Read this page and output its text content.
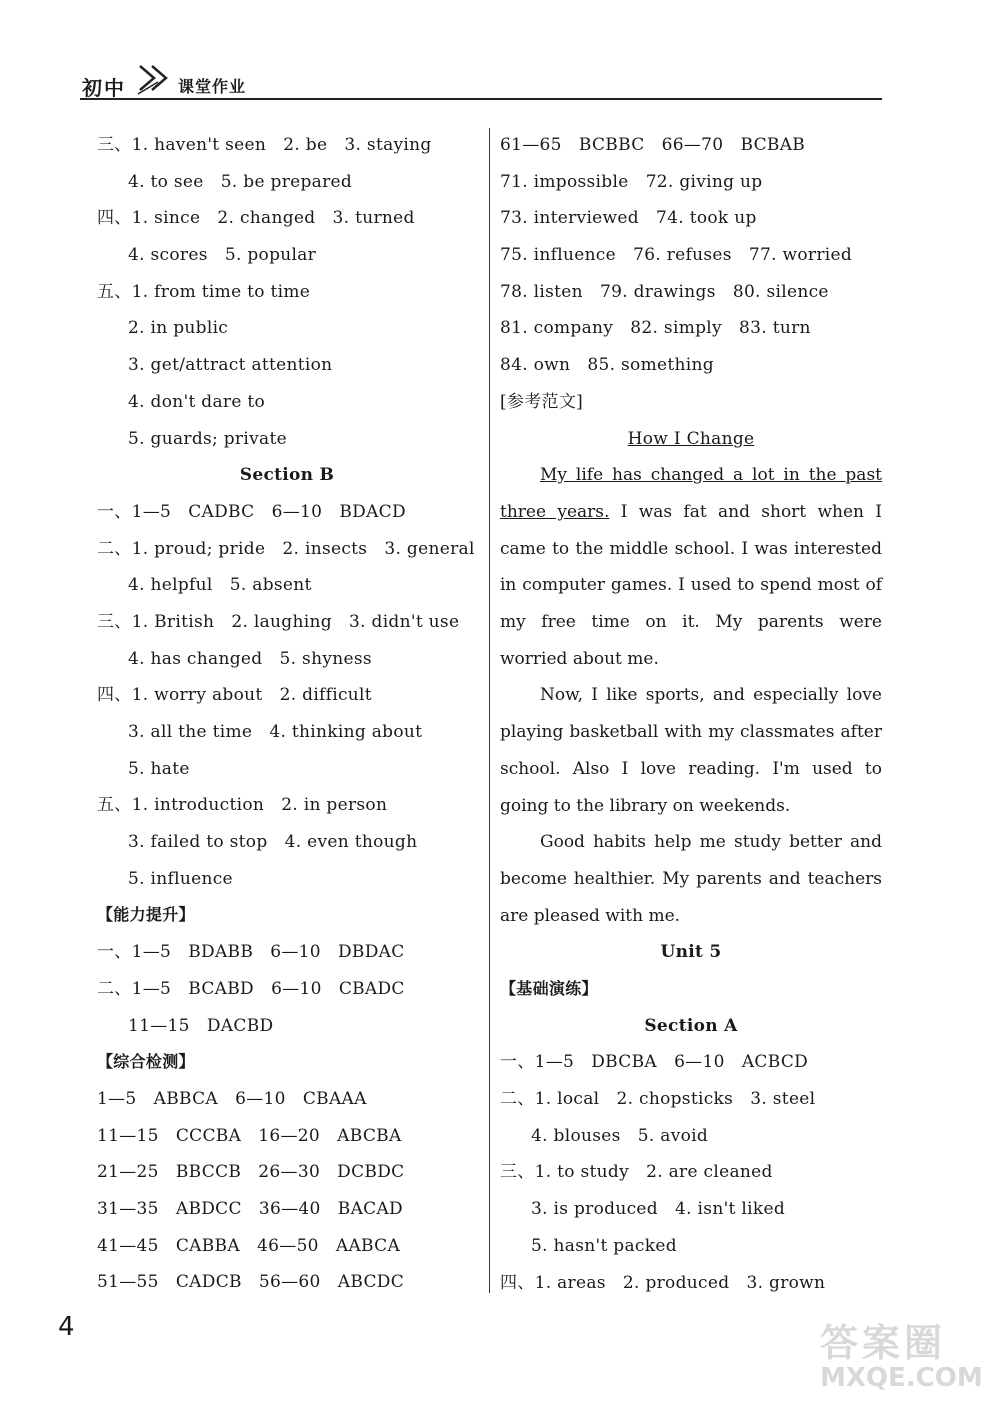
初中	课堂作业
三、1. haven't seen   2. be   3. staying
4. to see   5. be prepared
四、1. since   2. changed   3. turned
4. scores   5. popular
五、1. from time to time
2. in public
3. get/attract attention
4. don't dare to
5. guards; private
Section B
一、1—5   CADBC   6—10   BDACD
二、1. proud; pride   2. insects   3. general
4. helpful   5. absent
三、1. British   2. laughing   3. didn't use
4. has changed   5. shyness
四、1. worry about   2. difficult
3. all the time   4. thinking about
5. hate
五、1. introduction   2. in person
3. failed to stop   4. even though
5. influence
【能力提升】
一、1—5   BDABB   6—10   DBDAC
二、1—5   BCABD   6—10   CBADC
11—15   DACBD
【综合检测】
1—5   ABBCA   6—10   CBAAA
11—15   CCCBA   16—20   ABCBA
21—25   BBCCB   26—30   DCBDC
31—35   ABDCC   36—40   BACAD
41—45   CABBA   46—50   AABCA
51—55   CADCB   56—60   ABCDC
61—65   BCBBC   66—70   BCBAB
71. impossible   72. giving up
73. interviewed   74. took up
75. influence   76. refuses   77. worried
78. listen   79. drawings   80. silence
81. company   82. simply   83. turn
84. own   85. something
[参考范文]
How I Change
My life has changed a lot in the past three years. I was fat and short when I came to the middle school. I was interested in computer games. I used to spend most of my free time on it. My parents were worried about me.
Now, I like sports, and especially love playing basketball with my classmates after school. Also I love reading. I'm used to going to the library on weekends.
Good habits help me study better and become healthier. My parents and teachers are pleased with me.
Unit 5
【基础演练】
Section A
一、1—5   DBCBA   6—10   ACBCD
二、1. local   2. chopsticks   3. steel
4. blouses   5. avoid
三、1. to study   2. are cleaned
3. is produced   4. isn't liked
5. hasn't packed
四、1. areas   2. produced   3. grown
4	答案圈
MXQE.COM
